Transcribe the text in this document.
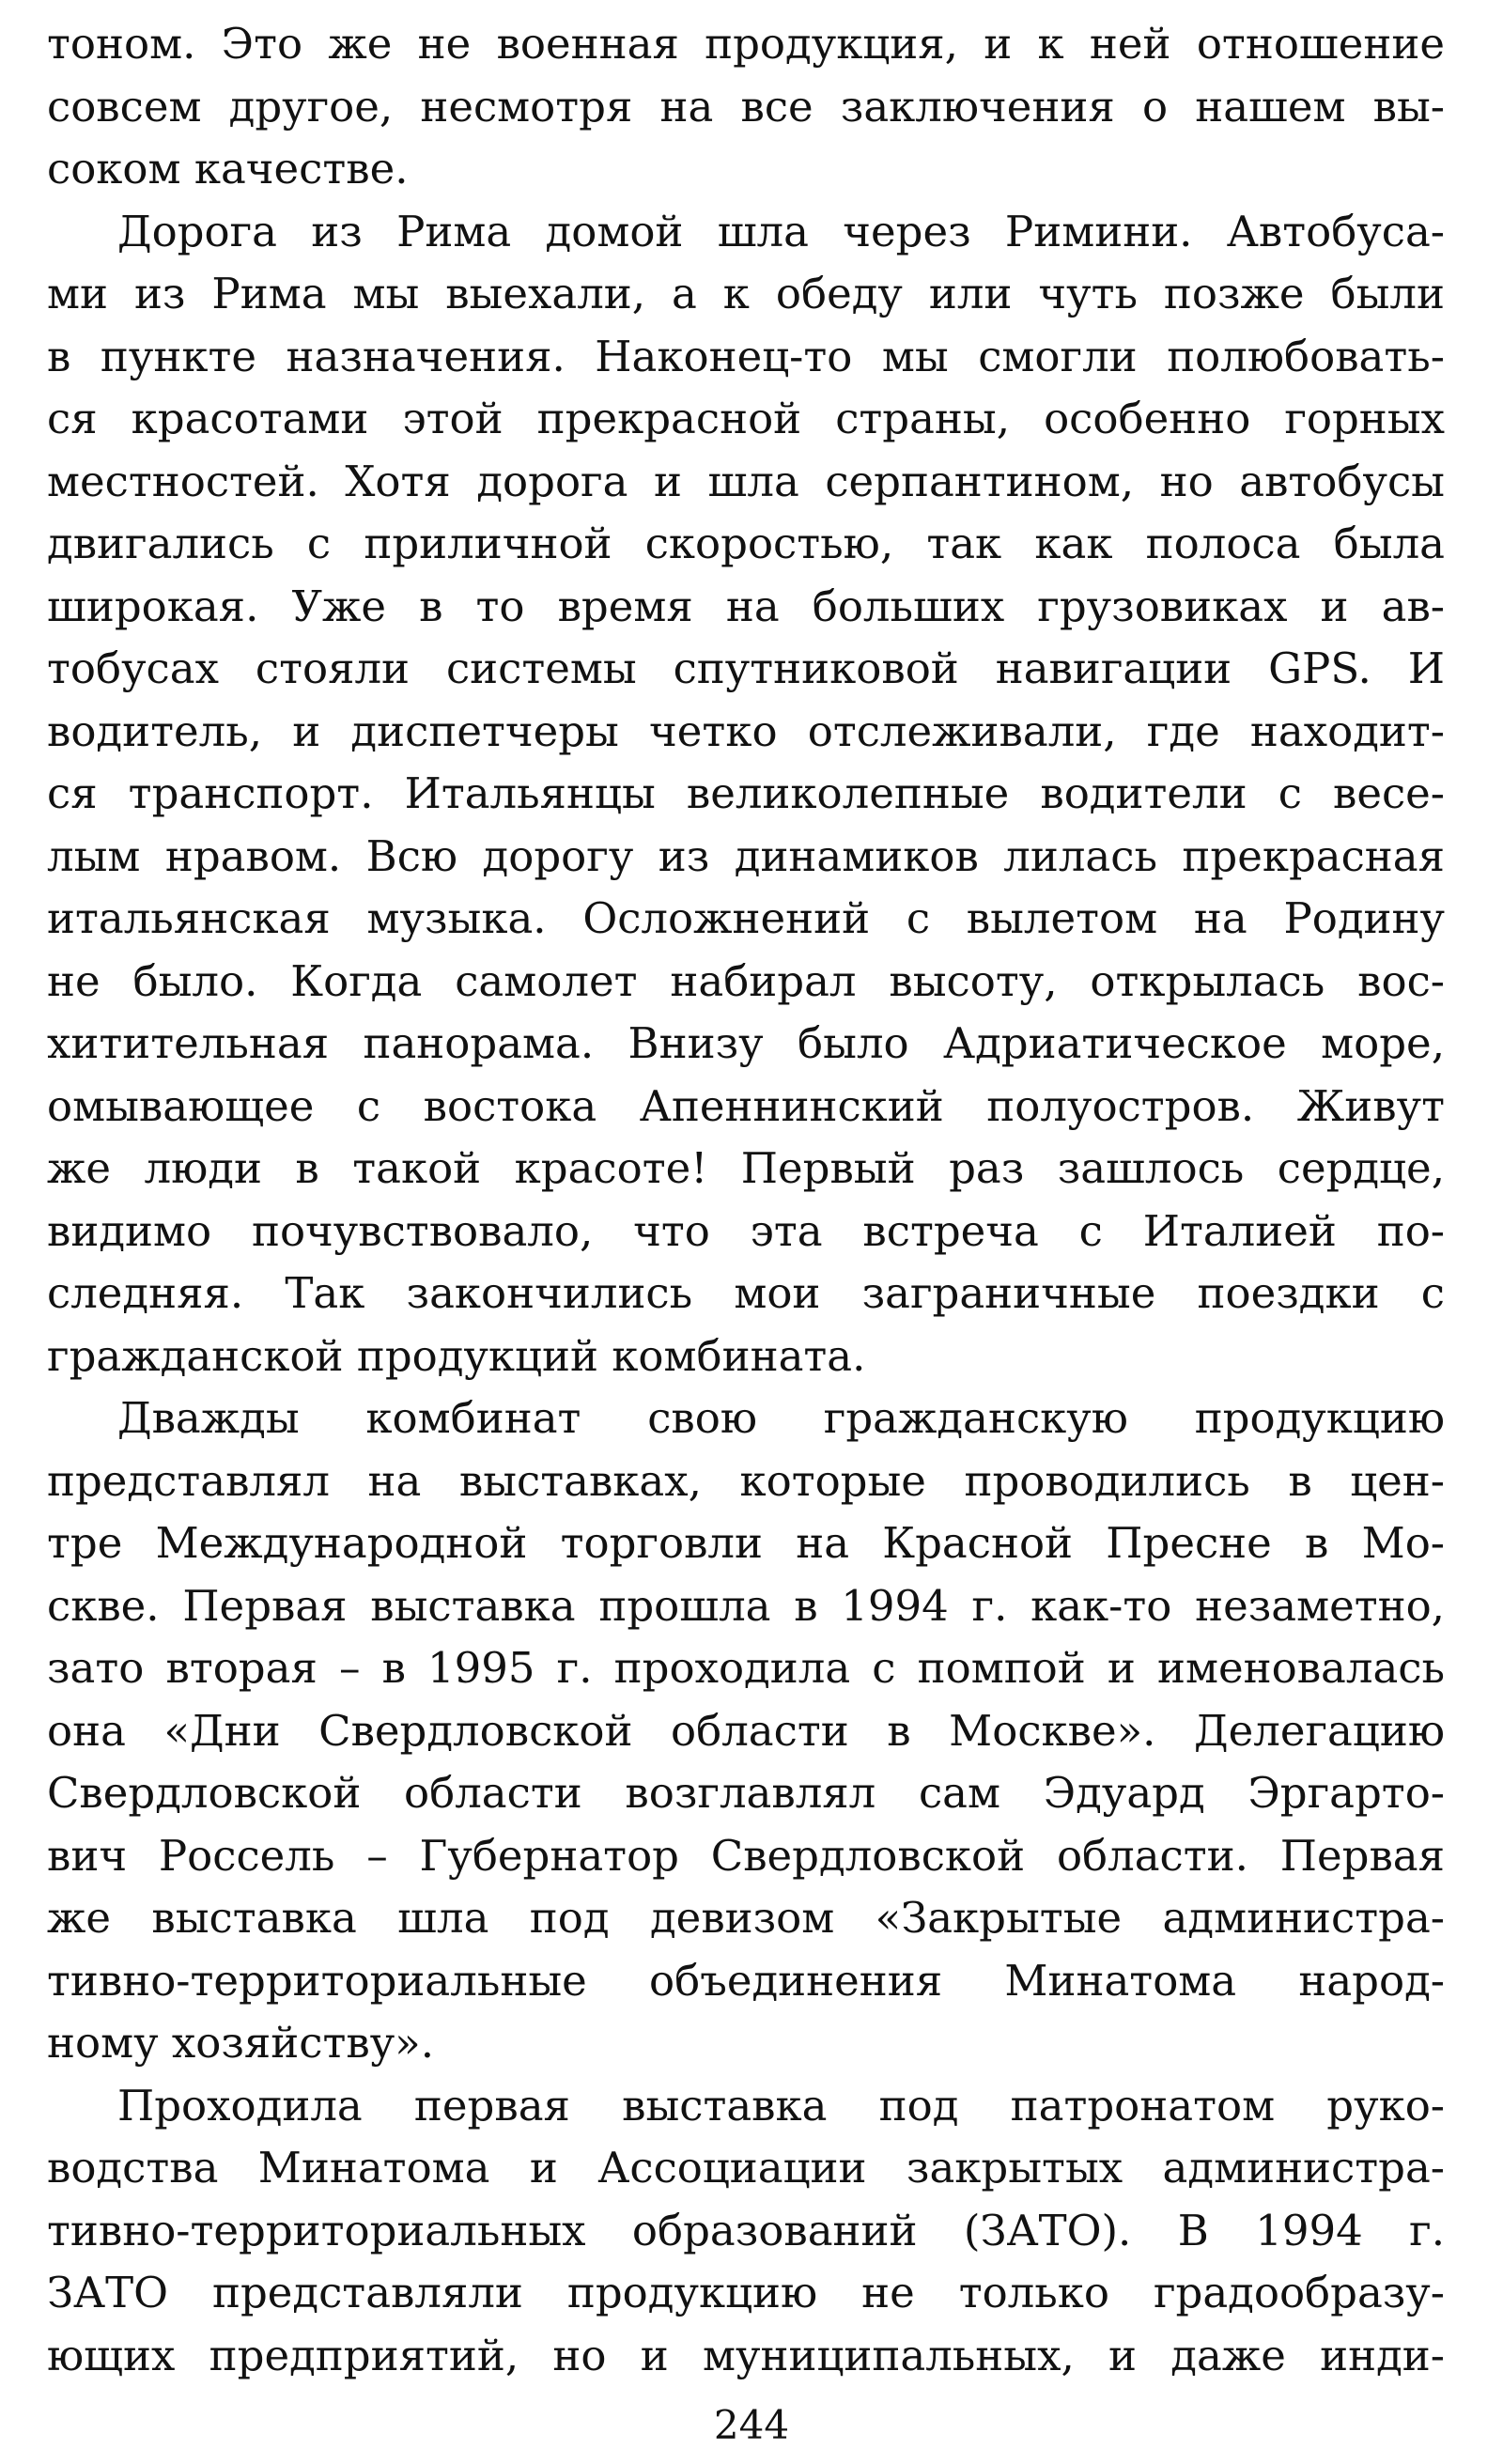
тоном. Это же не военная продукция, и к ней отношение
совсем другое, несмотря на все заключения о нашем вы-
соком качестве.
Дорога из Рима домой шла через Римини. Автобуса-
ми из Рима мы выехали, а к обеду или чуть позже были
в пункте назначения. Наконец-то мы смогли полюбовать-
ся красотами этой прекрасной страны, особенно горных
местностей. Хотя дорога и шла серпантином, но автобусы
двигались с приличной скоростью, так как полоса была
широкая. Уже в то время на больших грузовиках и ав-
тобусах стояли системы спутниковой навигации GPS. И
водитель, и диспетчеры четко отслеживали, где находит-
ся транспорт. Итальянцы великолепные водители с весе-
лым нравом. Всю дорогу из динамиков лилась прекрасная
итальянская музыка. Осложнений с вылетом на Родину
не было. Когда самолет набирал высоту, открылась вос-
хитительная панорама. Внизу было Адриатическое море,
омывающее с востока Апеннинский полуостров. Живут
же люди в такой красоте! Первый раз зашлось сердце,
видимо почувствовало, что эта встреча с Италией по-
следняя. Так закончились мои заграничные поездки с
гражданской продукций комбината.
Дважды комбинат свою гражданскую продукцию
представлял на выставках, которые проводились в цен-
тре Международной торговли на Красной Пресне в Мо-
скве. Первая выставка прошла в 1994 г. как-то незаметно,
зато вторая – в 1995 г. проходила с помпой и именовалась
она «Дни Свердловской области в Москве». Делегацию
Свердловской области возглавлял сам Эдуард Эргарто-
вич Россель – Губернатор Свердловской области. Первая
же выставка шла под девизом «Закрытые администра-
тивно-территориальные объединения Минатома народ-
ному хозяйству».
Проходила первая выставка под патронатом руко-
водства Минатома и Ассоциации закрытых администра-
тивно-территориальных образований (ЗАТО). В 1994 г.
ЗАТО представляли продукцию не только градообразу-
ющих предприятий, но и муниципальных, и даже инди-
244
